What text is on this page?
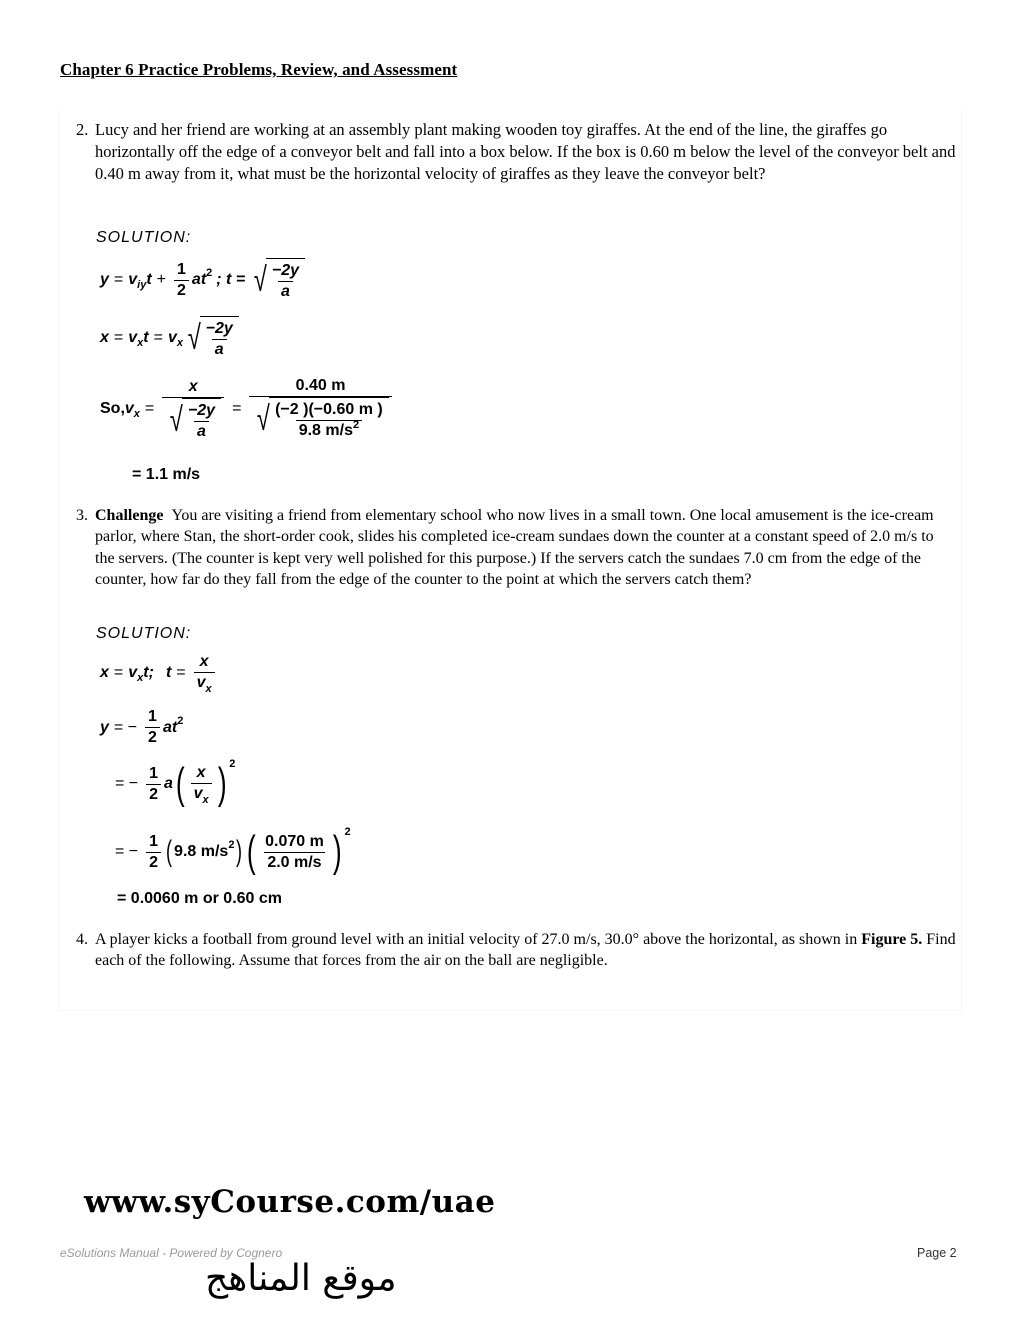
Chapter 6 Practice Problems, Review, and Assessment
2. Lucy and her friend are working at an assembly plant making wooden toy giraffes. At the end of the line, the giraffes go horizontally off the edge of a conveyor belt and fall into a box below. If the box is 0.60 m below the level of the conveyor belt and 0.40 m away from it, what must be the horizontal velocity of giraffes as they leave the conveyor belt?
SOLUTION:
y = v iy $t + \frac{1}{2}$ at 2 ; t = √ $\frac{-2y}{a}$
x = v x t = v x √ $\frac{-2y}{a}$
So, v $x = \frac{x}{√ \frac{-2y}{a}} = \frac{0.40 m}{√ \frac{(-2 )(-0.60 m )}{9.8 m/s^2}}$
= 1.1 m/s
3. Challenge You are visiting a friend from elementary school who now lives in a small town. One local amusement is the ice-cream parlor, where Stan, the short-order cook, slides his completed ice-cream sundaes down the counter at a constant speed of 2.0 m/s to the servers. (The counter is kept very well polished for this purpose.) If the servers catch the sundaes 7.0 cm from the edge of the counter, how far do they fall from the edge of the counter to the point at which the servers catch them?
SOLUTION:
x = v x t; $t = \frac{x}{v_x}$
y = − $\frac{1}{2}$ at 2
= − $\frac{1}{2}$ a ( $\frac{x}{v_x}$ ) 2
= − $\frac{1}{2}$ ( 9.8 m/s 2 ) ( $\frac{0.070 m}{2.0 m/s}$ ) 2
= 0.0060 m or 0.60 cm
4. A player kicks a football from ground level with an initial velocity of 27.0 m/s, 30.0° above the horizontal, as shown in Figure 5. Find each of the following. Assume that forces from the air on the ball are negligible.
www.syCourse.com/uae
eSolutions Manual - Powered by Cognero	Page 2
موقع المناهج
